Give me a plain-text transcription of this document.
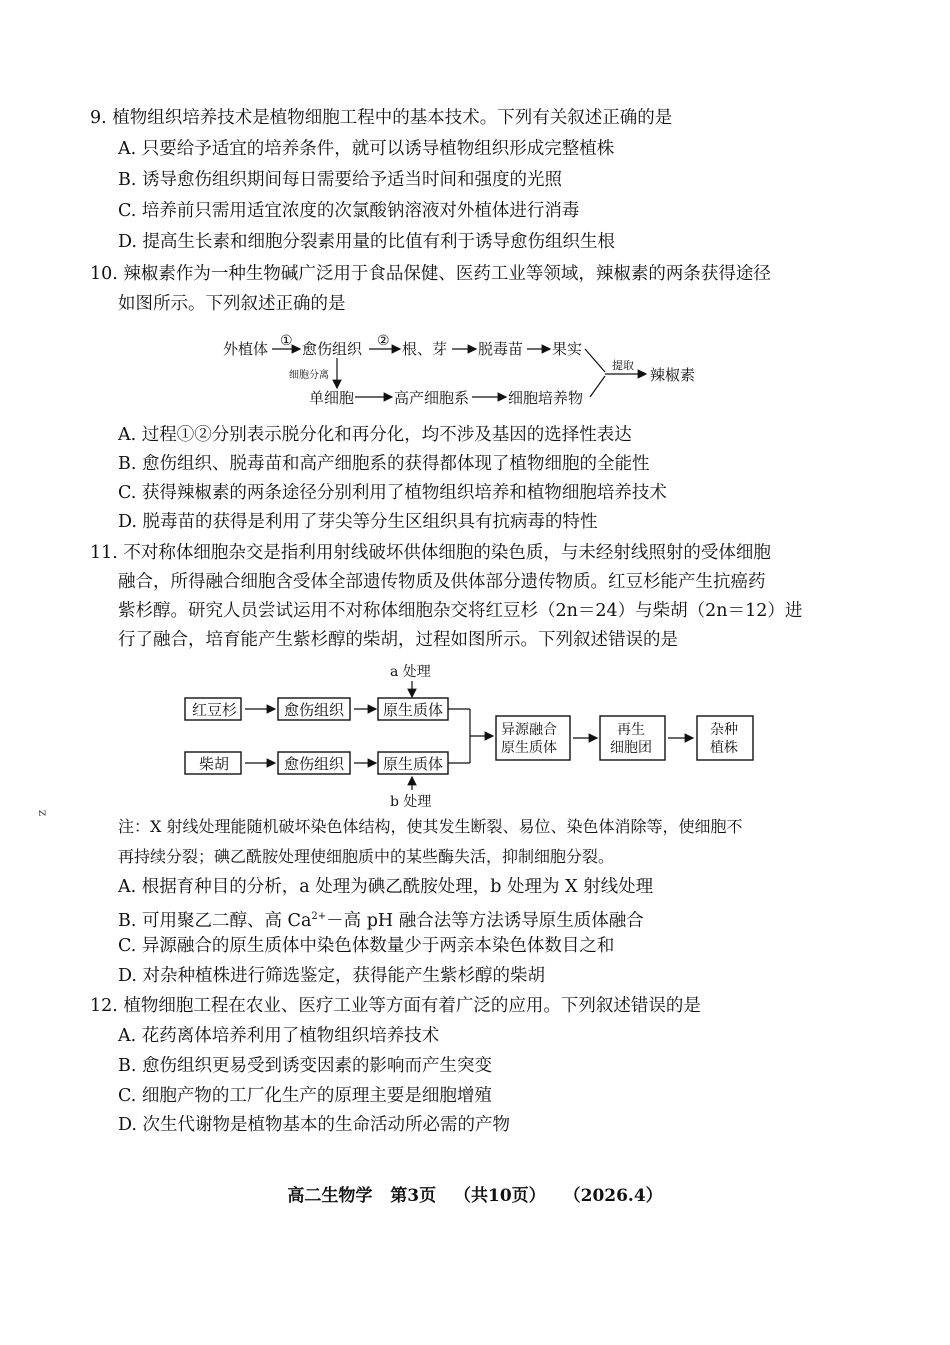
9. 植物组织培养技术是植物细胞工程中的基本技术。下列有关叙述正确的是
A. 只要给予适宜的培养条件，就可以诱导植物组织形成完整植株
B. 诱导愈伤组织期间每日需要给予适当时间和强度的光照
C. 培养前只需用适宜浓度的次氯酸钠溶液对外植体进行消毒
D. 提高生长素和细胞分裂素用量的比值有利于诱导愈伤组织生根
10. 辣椒素作为一种生物碱广泛用于食品保健、医药工业等领域，辣椒素的两条获得途径
如图所示。下列叙述正确的是
外植体 ① 愈伤组织 ② 根、芽 脱毒苗 果实
细胞分离
单细胞	高产细胞系	细胞培养物
提取
辣椒素
A. 过程①②分别表示脱分化和再分化，均不涉及基因的选择性表达
B. 愈伤组织、脱毒苗和高产细胞系的获得都体现了植物细胞的全能性
C. 获得辣椒素的两条途径分别利用了植物组织培养和植物细胞培养技术
D. 脱毒苗的获得是利用了芽尖等分生区组织具有抗病毒的特性
11. 不对称体细胞杂交是指利用射线破坏供体细胞的染色质，与未经射线照射的受体细胞
融合，所得融合细胞含受体全部遗传物质及供体部分遗传物质。红豆杉能产生抗癌药
紫杉醇。研究人员尝试运用不对称体细胞杂交将红豆杉（2n＝24）与柴胡（2n＝12）进
行了融合，培育能产生紫杉醇的柴胡，过程如图所示。下列叙述错误的是
a 处理
红豆杉	愈伤组织	原生质体
柴胡	愈伤组织	原生质体
b 处理
异源融合
原生质体
再生
细胞团
杂种
植株
z
注：X 射线处理能随机破坏染色体结构，使其发生断裂、易位、染色体消除等，使细胞不
再持续分裂；碘乙酰胺处理使细胞质中的某些酶失活，抑制细胞分裂。
A. 根据育种目的分析，a 处理为碘乙酰胺处理，b 处理为 X 射线处理
B. 可用聚乙二醇、高 $Ca^{2+}-$高 pH 融合法等方法诱导原生质体融合
C. 异源融合的原生质体中染色体数量少于两亲本染色体数目之和
D. 对杂种植株进行筛选鉴定，获得能产生紫杉醇的柴胡
12. 植物细胞工程在农业、医疗工业等方面有着广泛的应用。下列叙述错误的是
A. 花药离体培养利用了植物组织培养技术
B. 愈伤组织更易受到诱变因素的影响而产生突变
C. 细胞产物的工厂化生产的原理主要是细胞增殖
D. 次生代谢物是植物基本的生命活动所必需的产物
高二生物学 第3页 （共10页） （2026.4）
